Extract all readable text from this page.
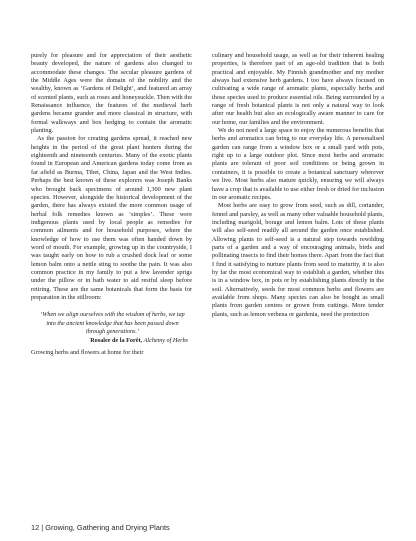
purely for pleasure and for appreciation of their aesthetic beauty developed, the nature of gardens also changed to accommodate these changes. The secular pleasure gardens of the Middle Ages were the domain of the nobility and the wealthy, known as ‘Gardens of Delight’, and featured an array of scented plants, such as roses and honeysuckle. Then with the Renaissance influence, the features of the medieval herb gardens became grander and more classical in structure, with formal walkways and box hedging to contain the aromatic planting.

As the passion for creating gardens spread, it reached new heights in the period of the great plant hunters during the eighteenth and nineteenth centuries. Many of the exotic plants found in European and American gardens today come from as far afield as Burma, Tibet, China, Japan and the West Indies. Perhaps the best known of these explorers was Joseph Banks who brought back specimens of around 1,300 new plant species. However, alongside the historical development of the garden, there has always existed the more common usage of herbal folk remedies known as ‘simples’. These were indigenous plants used by local people as remedies for common ailments and for household purposes, where the knowledge of how to use them was often handed down by word of mouth. For example, growing up in the countryside, I was taught early on how to rub a crushed dock leaf or some lemon balm onto a nettle sting to soothe the pain. It was also common practice in my family to put a few lavender sprigs under the pillow or in bath water to aid restful sleep before retiring. These are the same botanicals that form the basis for preparation in the stillroom:

‘When we align ourselves with the wisdom of herbs, we tap into the ancient knowledge that has been passed down through generations.’
Rosalee de la Forêt, Alchemy of Herbs

Growing herbs and flowers at home for their

culinary and household usage, as well as for their inherent healing properties, is therefore part of an age-old tradition that is both practical and enjoyable. My Finnish grandmother and my mother always had extensive herb gardens. I too have always focused on cultivating a wide range of aromatic plants, especially herbs and those species used to produce essential oils. Being surrounded by a range of fresh botanical plants is not only a natural way to look after our health but also an ecologically aware manner to care for our home, our families and the environment.

We do not need a large space to enjoy the numerous benefits that herbs and aromatics can bring to our everyday life. A personalised garden can range from a window box or a small yard with pots, right up to a large outdoor plot. Since most herbs and aromatic plants are tolerant of poor soil conditions or being grown in containers, it is possible to create a botanical sanctuary wherever we live. Most herbs also mature quickly, ensuring we will always have a crop that is available to use either fresh or dried for inclusion in our aromatic recipes.

Most herbs are easy to grow from seed, such as dill, coriander, fennel and parsley, as well as many other valuable household plants, including marigold, borage and lemon balm. Lots of these plants will also self-seed readily all around the garden once established. Allowing plants to self-seed is a natural step towards rewilding parts of a garden and a way of encouraging animals, birds and pollinating insects to find their homes there. Apart from the fact that I find it satisfying to nurture plants from seed to maturity, it is also by far the most economical way to establish a garden, whether this is in a window box, in pots or by establishing plants directly in the soil. Alternatively, seeds for most common herbs and flowers are available from shops. Many species can also be bought as small plants from garden centres or grown from cuttings. More tender plants, such as lemon verbena or gardenia, need the protection

12 | Growing, Gathering and Drying Plants
